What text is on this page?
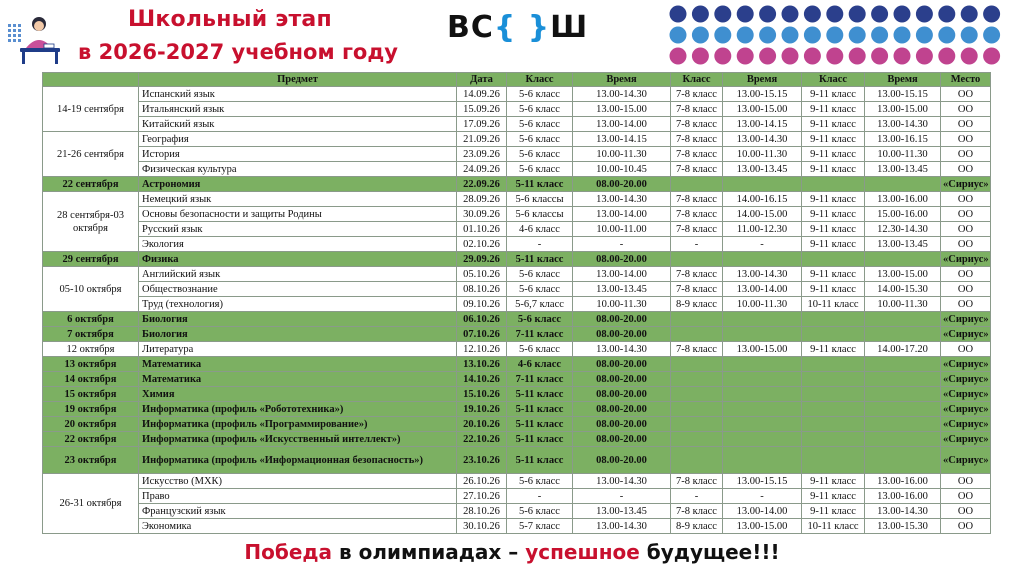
Школьный этап
в 2026-2027 учебном году
ВС{ }Ш
	Предмет	Дата	Класс	Время	Класс	Время	Класс	Время	Место
14-19 сентября	Испанский язык	14.09.26	5-6 класс	13.00-14.30	7-8 класс	13.00-15.15	9-11 класс	13.00-15.15	ОО
	Итальянский язык	15.09.26	5-6 класс	13.00-15.00	7-8 класс	13.00-15.00	9-11 класс	13.00-15.00	ОО
	Китайский язык	17.09.26	5-6 класс	13.00-14.00	7-8 класс	13.00-14.15	9-11 класс	13.00-14.30	ОО
21-26 сентября	География	21.09.26	5-6 класс	13.00-14.15	7-8 класс	13.00-14.30	9-11 класс	13.00-16.15	ОО
	История	23.09.26	5-6 класс	10.00-11.30	7-8 класс	10.00-11.30	9-11 класс	10.00-11.30	ОО
	Физическая культура	24.09.26	5-6 класс	10.00-10.45	7-8 класс	13.00-13.45	9-11 класс	13.00-13.45	ОО
22 сентября	Астрономия	22.09.26	5-11 класс	08.00-20.00					«Сириус»
28 сентября-03 октября	Немецкий язык	28.09.26	5-6 классы	13.00-14.30	7-8 класс	14.00-16.15	9-11 класс	13.00-16.00	ОО
	Основы безопасности и защиты Родины	30.09.26	5-6 классы	13.00-14.00	7-8 класс	14.00-15.00	9-11 класс	15.00-16.00	ОО
	Русский язык	01.10.26	4-6 класс	10.00-11.00	7-8 класс	11.00-12.30	9-11 класс	12.30-14.30	ОО
	Экология	02.10.26	-	-	-	-	9-11 класс	13.00-13.45	ОО
29 сентября	Физика	29.09.26	5-11 класс	08.00-20.00					«Сириус»
05-10 октября	Английский язык	05.10.26	5-6 класс	13.00-14.00	7-8 класс	13.00-14.30	9-11 класс	13.00-15.00	ОО
	Обществознание	08.10.26	5-6 класс	13.00-13.45	7-8 класс	13.00-14.00	9-11 класс	14.00-15.30	ОО
	Труд (технология)	09.10.26	5-6,7 класс	10.00-11.30	8-9 класс	10.00-11.30	10-11 класс	10.00-11.30	ОО
6 октября	Биология	06.10.26	5-6 класс	08.00-20.00					«Сириус»
7 октября	Биология	07.10.26	7-11 класс	08.00-20.00					«Сириус»
12 октября	Литература	12.10.26	5-6 класс	13.00-14.30	7-8 класс	13.00-15.00	9-11 класс	14.00-17.20	ОО
13 октября	Математика	13.10.26	4-6 класс	08.00-20.00					«Сириус»
14 октября	Математика	14.10.26	7-11 класс	08.00-20.00					«Сириус»
15 октября	Химия	15.10.26	5-11 класс	08.00-20.00					«Сириус»
19 октября	Информатика (профиль «Робототехника»)	19.10.26	5-11 класс	08.00-20.00					«Сириус»
20 октября	Информатика (профиль «Программирование»)	20.10.26	5-11 класс	08.00-20.00					«Сириус»
22 октября	Информатика (профиль «Искусственный интеллект»)	22.10.26	5-11 класс	08.00-20.00					«Сириус»
23 октября	Информатика (профиль «Информационная безопасность»)	23.10.26	5-11 класс	08.00-20.00					«Сириус»
26-31 октября	Искусство (МХК)	26.10.26	5-6 класс	13.00-14.30	7-8 класс	13.00-15.15	9-11 класс	13.00-16.00	ОО
	Право	27.10.26	-	-	-	-	9-11 класс	13.00-16.00	ОО
	Французский язык	28.10.26	5-6 класс	13.00-13.45	7-8 класс	13.00-14.00	9-11 класс	13.00-14.30	ОО
	Экономика	30.10.26	5-7 класс	13.00-14.30	8-9 класс	13.00-15.00	10-11 класс	13.00-15.30	ОО
Победа в олимпиадах – успешное будущее!!!
